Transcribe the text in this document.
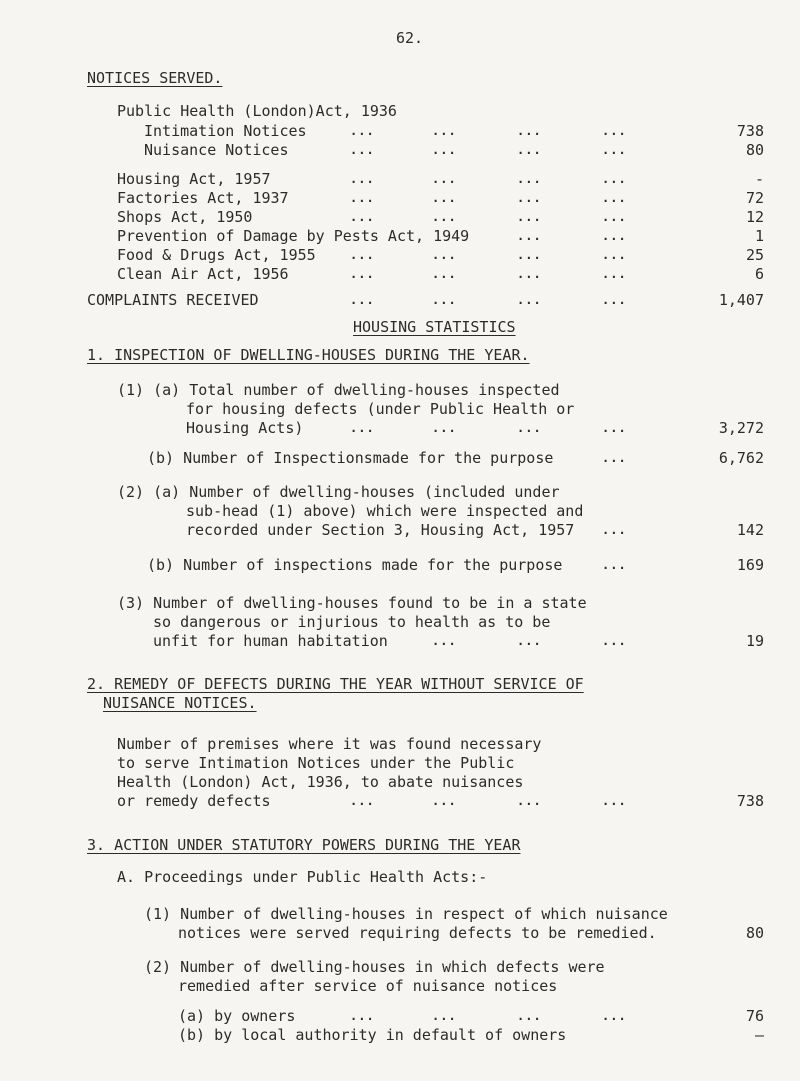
62.
NOTICES SERVED.
Public Health (London)Act, 1936
Intimation Notices	...	...	...	...	738
Nuisance Notices	...	...	...	...	80
Housing Act, 1957	...	...	...	...	-
Factories Act, 1937	...	...	...	...	72
Shops Act, 1950	...	...	...	...	12
Prevention of Damage by Pests Act, 1949	...	...	1
Food & Drugs Act, 1955	...	...	...	...	25
Clean Air Act, 1956	...	...	...	...	6
COMPLAINTS RECEIVED	...	...	...	...	1,407
HOUSING STATISTICS
1. INSPECTION OF DWELLING-HOUSES DURING THE YEAR.
(1) (a) Total number of dwelling-houses inspected
for housing defects (under Public Health or
Housing Acts)	...	...	...	...	3,272
(b) Number of Inspectionsmade for the purpose	...	6,762
(2) (a) Number of dwelling-houses (included under
sub-head (1) above) which were inspected and
recorded under Section 3, Housing Act, 1957 ...	142
(b) Number of inspections made for the purpose	...	169
(3) Number of dwelling-houses found to be in a state
so dangerous or injurious to health as to be
unfit for human habitation	...	...	...	19
2. REMEDY OF DEFECTS DURING THE YEAR WITHOUT SERVICE OF
NUISANCE NOTICES.
Number of premises where it was found necessary
to serve Intimation Notices under the Public
Health (London) Act, 1936, to abate nuisances
or remedy defects	...	...	...	...	738
3. ACTION UNDER STATUTORY POWERS DURING THE YEAR
A. Proceedings under Public Health Acts:-
(1) Number of dwelling-houses in respect of which nuisance
notices were served requiring defects to be remedied.	80
(2) Number of dwelling-houses in which defects were
remedied after service of nuisance notices
(a) by owners	...	...	...	...	76
(b) by local authority in default of owners	—
